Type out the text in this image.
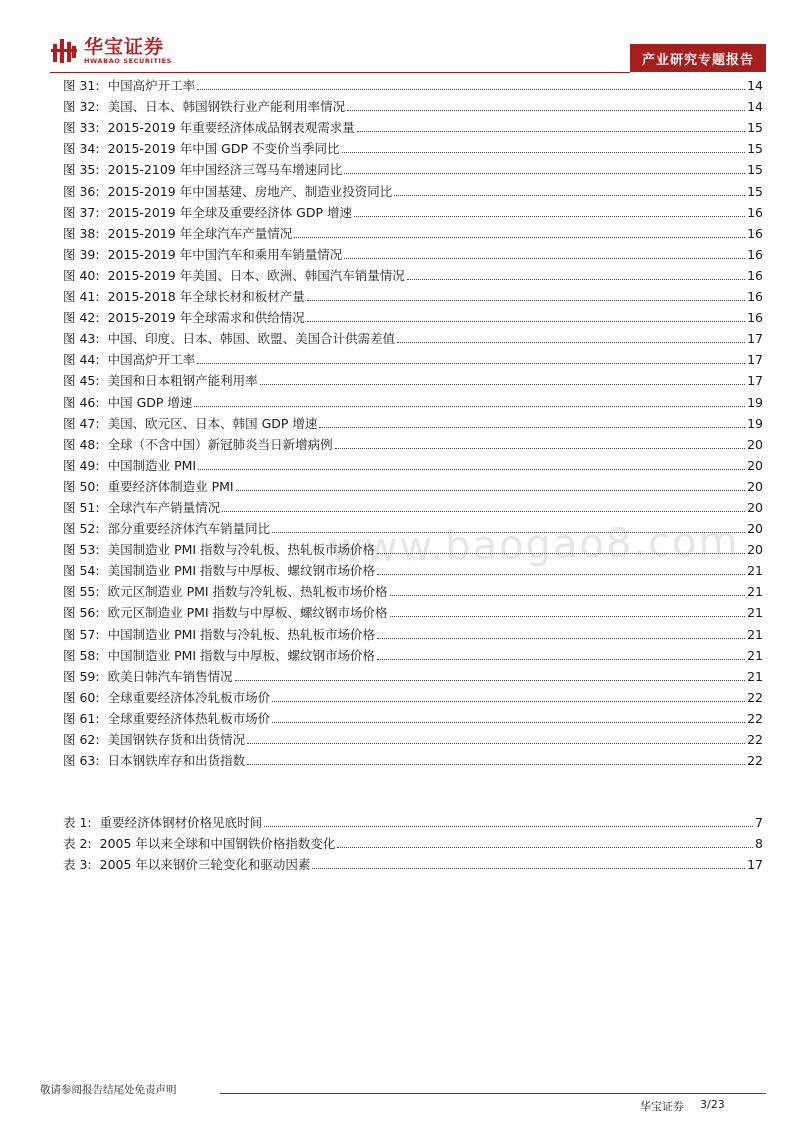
华宝证券
HWABAO SECURITIES	产业研究专题报告
www.baogao8.com
图 31: 中国高炉开工率	14
图 32: 美国、日本、韩国钢铁行业产能利用率情况	14
图 33: 2015-2019 年重要经济体成品钢表观需求量	15
图 34: 2015-2019 年中国 GDP 不变价当季同比	15
图 35: 2015-2109 年中国经济三驾马车增速同比	15
图 36: 2015-2019 年中国基建、房地产、制造业投资同比	15
图 37: 2015-2019 年全球及重要经济体 GDP 增速	16
图 38: 2015-2019 年全球汽车产量情况	16
图 39: 2015-2019 年中国汽车和乘用车销量情况	16
图 40: 2015-2019 年美国、日本、欧洲、韩国汽车销量情况	16
图 41: 2015-2018 年全球长材和板材产量	16
图 42: 2015-2019 年全球需求和供给情况	16
图 43: 中国、印度、日本、韩国、欧盟、美国合计供需差值	17
图 44: 中国高炉开工率	17
图 45: 美国和日本粗钢产能利用率	17
图 46: 中国 GDP 增速	19
图 47: 美国、欧元区、日本、韩国 GDP 增速	19
图 48: 全球（不含中国）新冠肺炎当日新增病例	20
图 49: 中国制造业 PMI	20
图 50: 重要经济体制造业 PMI	20
图 51: 全球汽车产销量情况	20
图 52: 部分重要经济体汽车销量同比	20
图 53: 美国制造业 PMI 指数与冷轧板、热轧板市场价格	20
图 54: 美国制造业 PMI 指数与中厚板、螺纹钢市场价格	21
图 55: 欧元区制造业 PMI 指数与冷轧板、热轧板市场价格	21
图 56: 欧元区制造业 PMI 指数与中厚板、螺纹钢市场价格	21
图 57: 中国制造业 PMI 指数与冷轧板、热轧板市场价格	21
图 58: 中国制造业 PMI 指数与中厚板、螺纹钢市场价格	21
图 59: 欧美日韩汽车销售情况	21
图 60: 全球重要经济体冷轧板市场价	22
图 61: 全球重要经济体热轧板市场价	22
图 62: 美国钢铁存货和出货情况	22
图 63: 日本钢铁库存和出货指数	22
表 1: 重要经济体钢材价格见底时间	7
表 2: 2005 年以来全球和中国钢铁价格指数变化	8
表 3: 2005 年以来钢价三轮变化和驱动因素	17
敬请参阅报告结尾处免责声明
华宝证券 3/23
